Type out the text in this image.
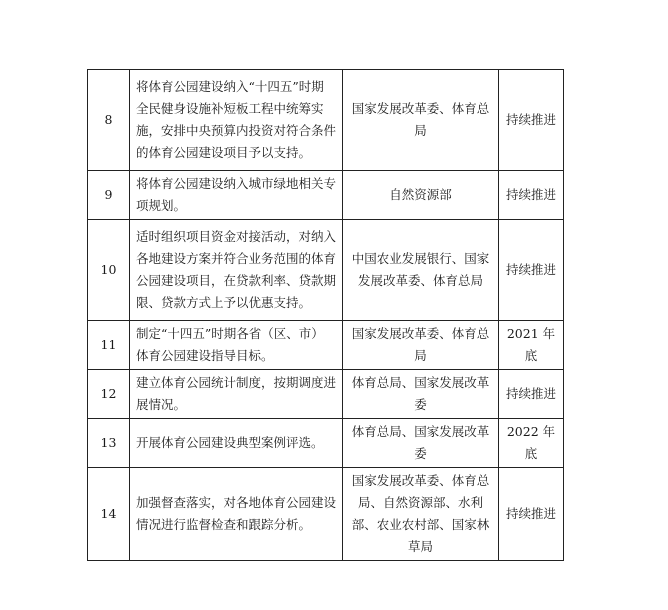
8	将体育公园建设纳入“十四五”时期全民健身设施补短板工程中统筹实施，安排中央预算内投资对符合条件的体育公园建设项目予以支持。	国家发展改革委、体育总局	持续推进
9	将体育公园建设纳入城市绿地相关专项规划。	自然资源部	持续推进
10	适时组织项目资金对接活动，对纳入各地建设方案并符合业务范围的体育公园建设项目，在贷款利率、贷款期限、贷款方式上予以优惠支持。	中国农业发展银行、国家发展改革委、体育总局	持续推进
11	制定“十四五”时期各省（区、市）体育公园建设指导目标。	国家发展改革委、体育总局	2021 年底
12	建立体育公园统计制度，按期调度进展情况。	体育总局、国家发展改革委	持续推进
13	开展体育公园建设典型案例评选。	体育总局、国家发展改革委	2022 年底
14	加强督查落实，对各地体育公园建设情况进行监督检查和跟踪分析。	国家发展改革委、体育总局、自然资源部、水利部、农业农村部、国家林草局	持续推进
